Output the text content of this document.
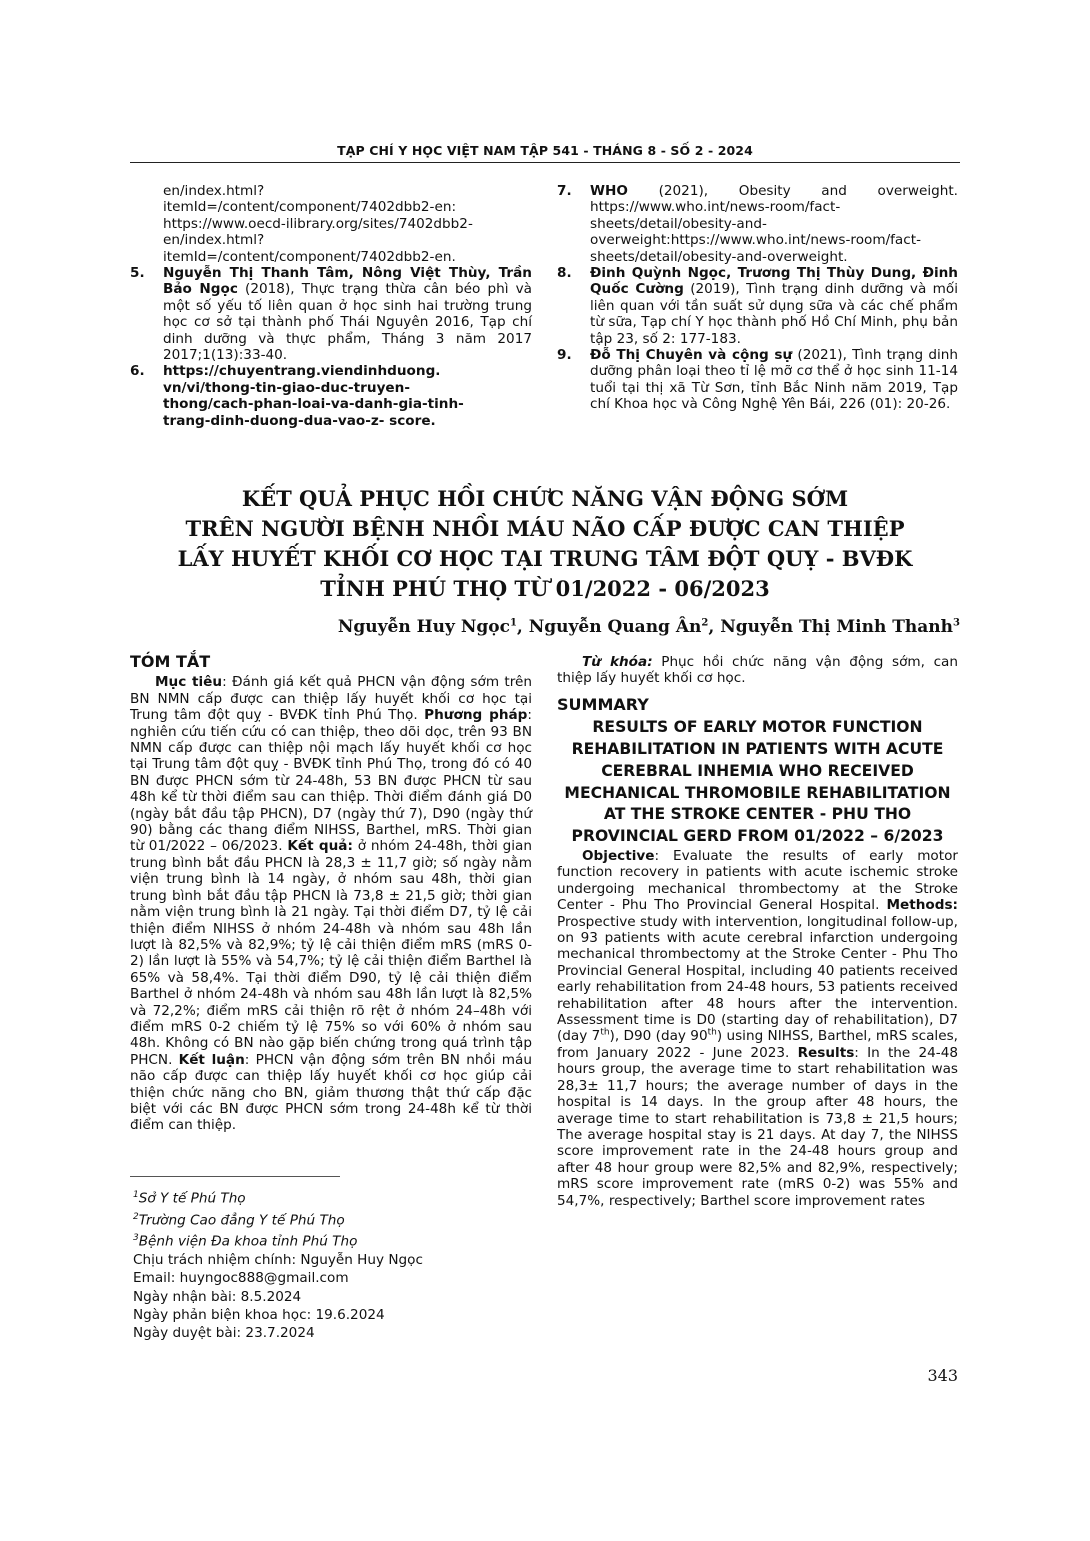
TẠP CHÍ Y HỌC VIỆT NAM TẬP 541 - THÁNG 8 - SỐ 2 - 2024

en/index.html?itemId=/content/component/7402dbb2-en: https://www.oecd-ilibrary.org/sites/7402dbb2- en/index.html?itemId=/content/component/7402dbb2-en.

5. Nguyễn Thị Thanh Tâm, Nông Việt Thùy, Trần Bảo Ngọc (2018), Thực trạng thừa cân béo phì và một số yếu tố liên quan ở học sinh hai trường trung học cơ sở tại thành phố Thái Nguyên 2016, Tạp chí dinh dưỡng và thực phẩm, Tháng 3 năm 2017 2017;1(13):33-40.

6. https://chuyentrang.viendinhduong.
vn/vi/thong-tin-giao-duc-truyen-
thong/cach-phan-loai-va-danh-gia-tinh-
trang-dinh-duong-dua-vao-z- score.

7. WHO (2021), Obesity and overweight. https://www.who.int/news-room/fact-sheets/detail/obesity-and-overweight:https://www.who.int/news-room/fact-sheets/detail/obesity-and-overweight.

8. Đinh Quỳnh Ngọc, Trương Thị Thùy Dung, Đinh Quốc Cường (2019), Tình trạng dinh dưỡng và mối liên quan với tần suất sử dụng sữa và các chế phẩm từ sữa, Tạp chí Y học thành phố Hồ Chí Minh, phụ bản tập 23, số 2: 177-183.

9. Đỗ Thị Chuyên và cộng sự (2021), Tình trạng dinh dưỡng phân loại theo tỉ lệ mỡ cơ thể ở học sinh 11-14 tuổi tại thị xã Từ Sơn, tỉnh Bắc Ninh năm 2019, Tạp chí Khoa học và Công Nghệ Yên Bái, 226 (01): 20-26.

KẾT QUẢ PHỤC HỒI CHỨC NĂNG VẬN ĐỘNG SỚM
TRÊN NGƯỜI BỆNH NHỒI MÁU NÃO CẤP ĐƯỢC CAN THIỆP
LẤY HUYẾT KHỐI CƠ HỌC TẠI TRUNG TÂM ĐỘT QUỴ - BVĐK
TỈNH PHÚ THỌ TỪ 01/2022 - 06/2023
Nguyễn Huy Ngọc$^1$, Nguyễn Quang $Ân^2$, Nguyễn Thị Minh Thanh$^3$

TÓM TẮT

Mục tiêu: Đánh giá kết quả PHCN vận động sớm trên BN NMN cấp được can thiệp lấy huyết khối cơ học tại Trung tâm đột quỵ - BVĐK tỉnh Phú Thọ. Phương pháp: nghiên cứu tiến cứu có can thiệp, theo dõi dọc, trên 93 BN NMN cấp được can thiệp nội mạch lấy huyết khối cơ học tại Trung tâm đột quỵ - BVĐK tỉnh Phú Thọ, trong đó có 40 BN được PHCN sớm từ 24-48h, 53 BN được PHCN từ sau 48h kể từ thời điểm sau can thiệp. Thời điểm đánh giá D0 (ngày bắt đầu tập PHCN), D7 (ngày thứ 7), D90 (ngày thứ 90) bằng các thang điểm NIHSS, Barthel, mRS. Thời gian từ 01/2022 – 06/2023. Kết quả: ở nhóm 24-48h, thời gian trung bình bắt đầu PHCN là 28,3 ± 11,7 giờ; số ngày nằm viện trung bình là 14 ngày, ở nhóm sau 48h, thời gian trung bình bắt đầu tập PHCN là 73,8 ± 21,5 giờ; thời gian nằm viện trung bình là 21 ngày. Tại thời điểm D7, tỷ lệ cải thiện điểm NIHSS ở nhóm 24-48h và nhóm sau 48h lần lượt là 82,5% và 82,9%; tỷ lệ cải thiện điểm mRS (mRS 0-2) lần lượt là 55% và 54,7%; tỷ lệ cải thiện điểm Barthel là 65% và 58,4%. Tại thời điểm D90, tỷ lệ cải thiện điểm Barthel ở nhóm 24-48h và nhóm sau 48h lần lượt là 82,5% và 72,2%; điểm mRS cải thiện rõ rệt ở nhóm 24–48h với điểm mRS 0-2 chiếm tỷ lệ 75% so với 60% ở nhóm sau 48h. Không có BN nào gặp biến chứng trong quá trình tập PHCN. Kết luận: PHCN vận động sớm trên BN nhồi máu não cấp được can thiệp lấy huyết khối cơ học giúp cải thiện chức năng cho BN, giảm thương thật thứ cấp đặc biệt với các BN được PHCN sớm trong 24-48h kể từ thời điểm can thiệp.

$^1$Sở Y tế Phú Thọ
$^2$Trường Cao đẳng Y tế Phú Thọ
$^3$Bệnh viện Đa khoa tỉnh Phú Thọ
Chịu trách nhiệm chính: Nguyễn Huy Ngọc
Email: huyngoc888@gmail.com
Ngày nhận bài: 8.5.2024
Ngày phản biện khoa học: 19.6.2024
Ngày duyệt bài: 23.7.2024

Từ khóa: Phục hồi chức năng vận động sớm, can thiệp lấy huyết khối cơ học.

SUMMARY

RESULTS OF EARLY MOTOR FUNCTION
REHABILITATION IN PATIENTS WITH ACUTE
CEREBRAL INHEMIA WHO RECEIVED
MECHANICAL THROMOBILE REHABILITATION
AT THE STROKE CENTER - PHU THO
PROVINCIAL GERD FROM 01/2022 – 6/2023

Objective: Evaluate the results of early motor function recovery in patients with acute ischemic stroke undergoing mechanical thrombectomy at the Stroke Center - Phu Tho Provincial General Hospital. Methods: Prospective study with intervention, longitudinal follow-up, on 93 patients with acute cerebral infarction undergoing mechanical thrombectomy at the Stroke Center - Phu Tho Provincial General Hospital, including 40 patients received early rehabilitation from 24-48 hours, 53 patients received rehabilitation after 48 hours after the intervention. Assessment time is D0 (starting day of rehabilitation), D7 (day 7th), D90 (day 90th) using NIHSS, Barthel, mRS scales, from January 2022 - June 2023. Results: In the 24-48 hours group, the average time to start rehabilitation was 28,3± 11,7 hours; the average number of days in the hospital is 14 days. In the group after 48 hours, the average time to start rehabilitation is 73,8 ± 21,5 hours; The average hospital stay is 21 days. At day 7, the NIHSS score improvement rate in the 24-48 hours group and after 48 hour group were 82,5% and 82,9%, respectively; mRS score improvement rate (mRS 0-2) was 55% and 54,7%, respectively; Barthel score improvement rates

343
